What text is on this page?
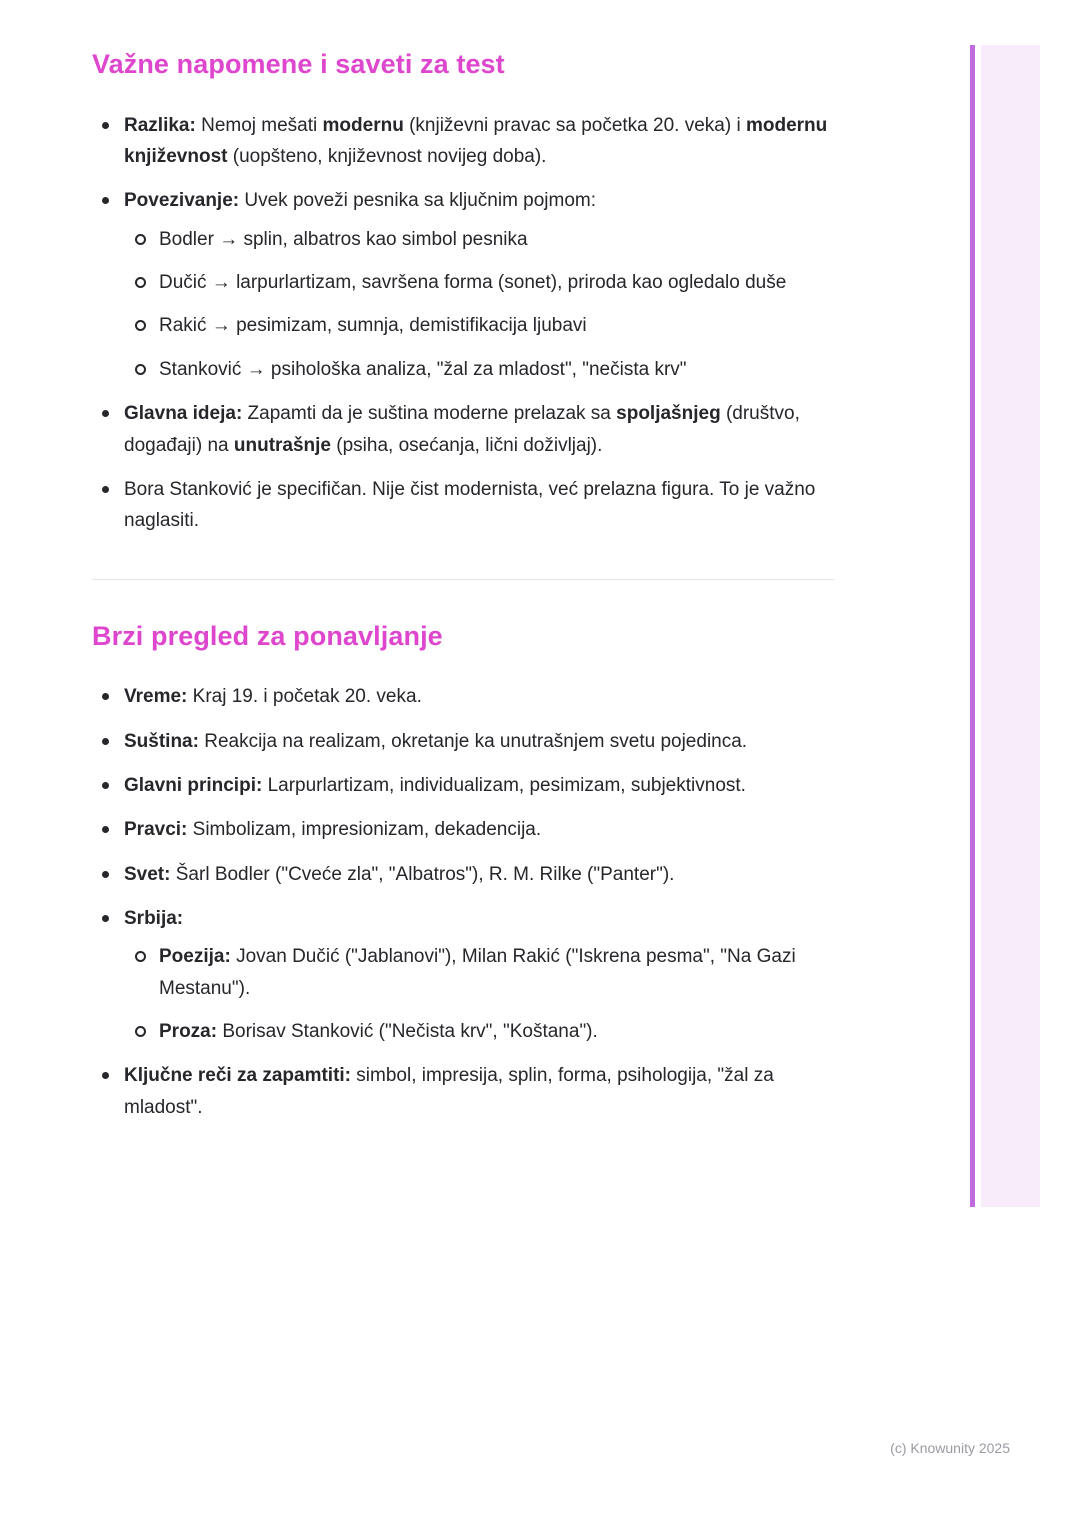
Važne napomene i saveti za test
Razlika: Nemoj mešati modernu (književni pravac sa početka 20. veka) i modernu književnost (uopšteno, književnost novijeg doba).
Povezivanje: Uvek poveži pesnika sa ključnim pojmom:
Bodler → splin, albatros kao simbol pesnika
Dučić → larpurlartizam, savršena forma (sonet), priroda kao ogledalo duše
Rakić → pesimizam, sumnja, demistifikacija ljubavi
Stanković → psihološka analiza, "žal za mladost", "nečista krv"
Glavna ideja: Zapamti da je suština moderne prelazak sa spoljašnjeg (društvo, događaji) na unutrašnje (psiha, osećanja, lični doživljaj).
Bora Stanković je specifičan. Nije čist modernista, već prelazna figura. To je važno naglasiti.
Brzi pregled za ponavljanje
Vreme: Kraj 19. i početak 20. veka.
Suština: Reakcija na realizam, okretanje ka unutrašnjem svetu pojedinca.
Glavni principi: Larpurlartizam, individualizam, pesimizam, subjektivnost.
Pravci: Simbolizam, impresionizam, dekadencija.
Svet: Šarl Bodler ("Cveće zla", "Albatros"), R. M. Rilke ("Panter").
Srbija:
Poezija: Jovan Dučić ("Jablanovi"), Milan Rakić ("Iskrena pesma", "Na Gazi Mestanu").
Proza: Borisav Stanković ("Nečista krv", "Koštana").
Ključne reči za zapamtiti: simbol, impresija, splin, forma, psihologija, "žal za mladost".
(c) Knowunity 2025
